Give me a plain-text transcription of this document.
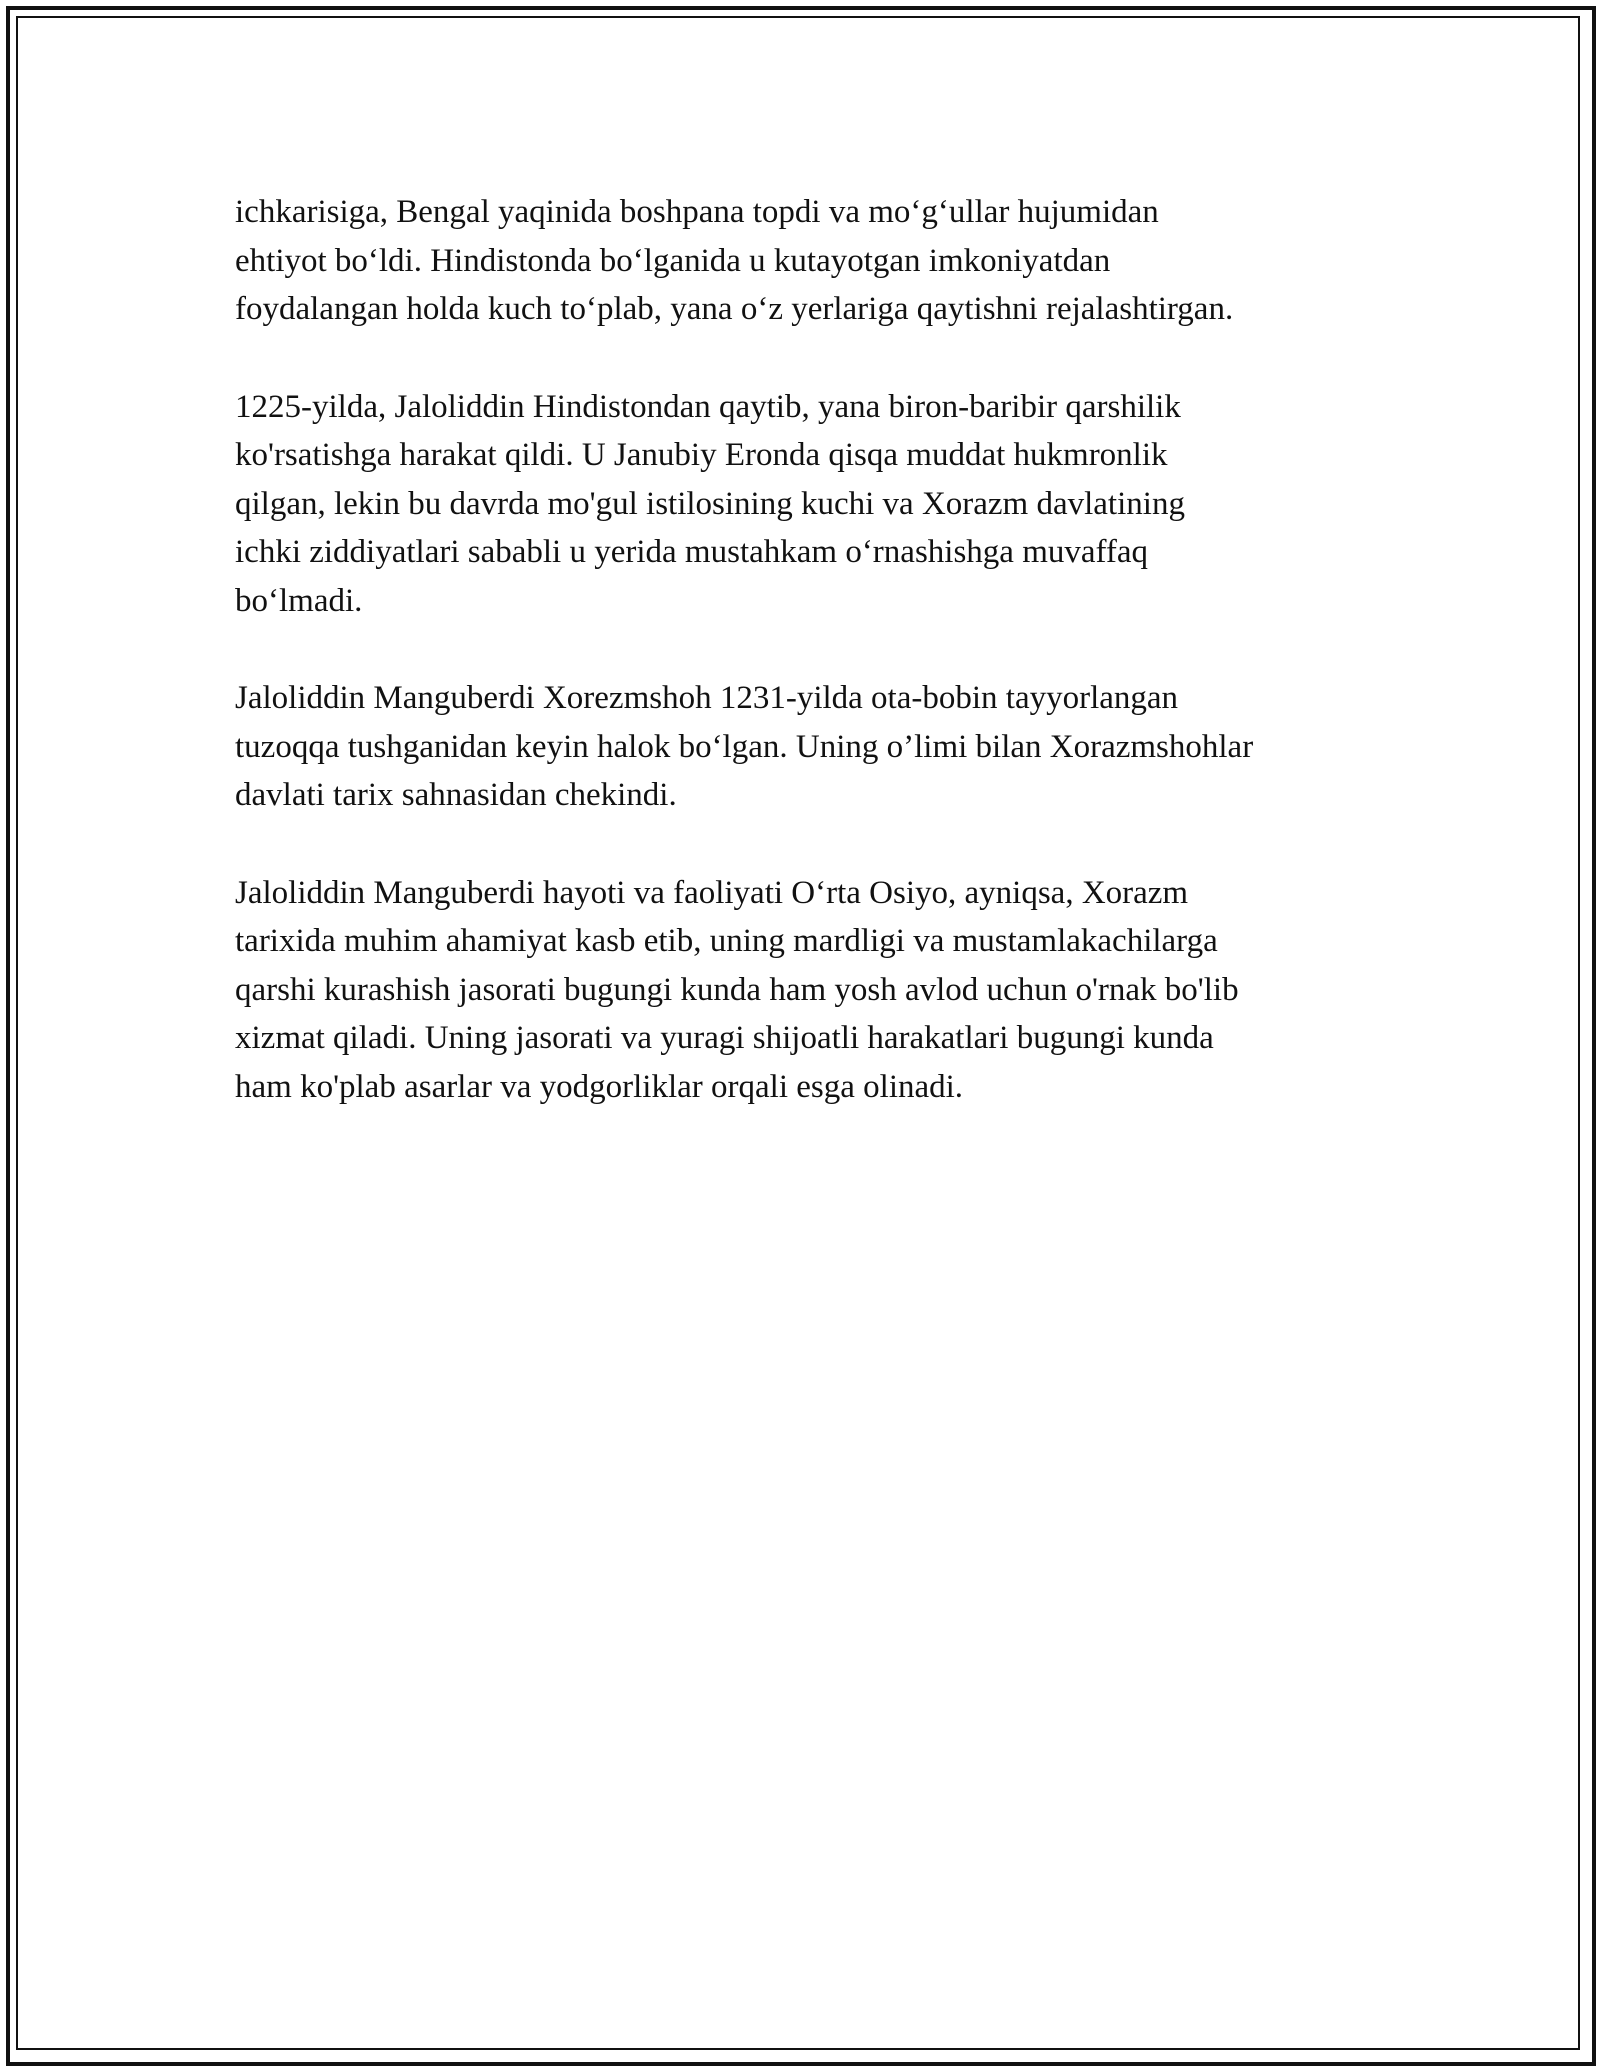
ichkarisiga, Bengal yaqinida boshpana topdi va mo‘g‘ullar hujumidan
ehtiyot bo‘ldi. Hindistonda bo‘lganida u kutayotgan imkoniyatdan
foydalangan holda kuch to‘plab, yana o‘z yerlariga qaytishni rejalashtirgan.

1225-yilda, Jaloliddin Hindistondan qaytib, yana biron-baribir qarshilik
ko'rsatishga harakat qildi. U Janubiy Eronda qisqa muddat hukmronlik
qilgan, lekin bu davrda mo'gul istilosining kuchi va Xorazm davlatining
ichki ziddiyatlari sababli u yerida mustahkam o‘rnashishga muvaffaq
bo‘lmadi.

Jaloliddin Manguberdi Xorezmshoh 1231-yilda ota-bobin tayyorlangan
tuzoqqa tushganidan keyin halok bo‘lgan. Uning o’limi bilan Xorazmshohlar
davlati tarix sahnasidan chekindi.

Jaloliddin Manguberdi hayoti va faoliyati O‘rta Osiyo, ayniqsa, Xorazm
tarixida muhim ahamiyat kasb etib, uning mardligi va mustamlakachilarga
qarshi kurashish jasorati bugungi kunda ham yosh avlod uchun o'rnak bo'lib
xizmat qiladi. Uning jasorati va yuragi shijoatli harakatlari bugungi kunda
ham ko'plab asarlar va yodgorliklar orqali esga olinadi.
